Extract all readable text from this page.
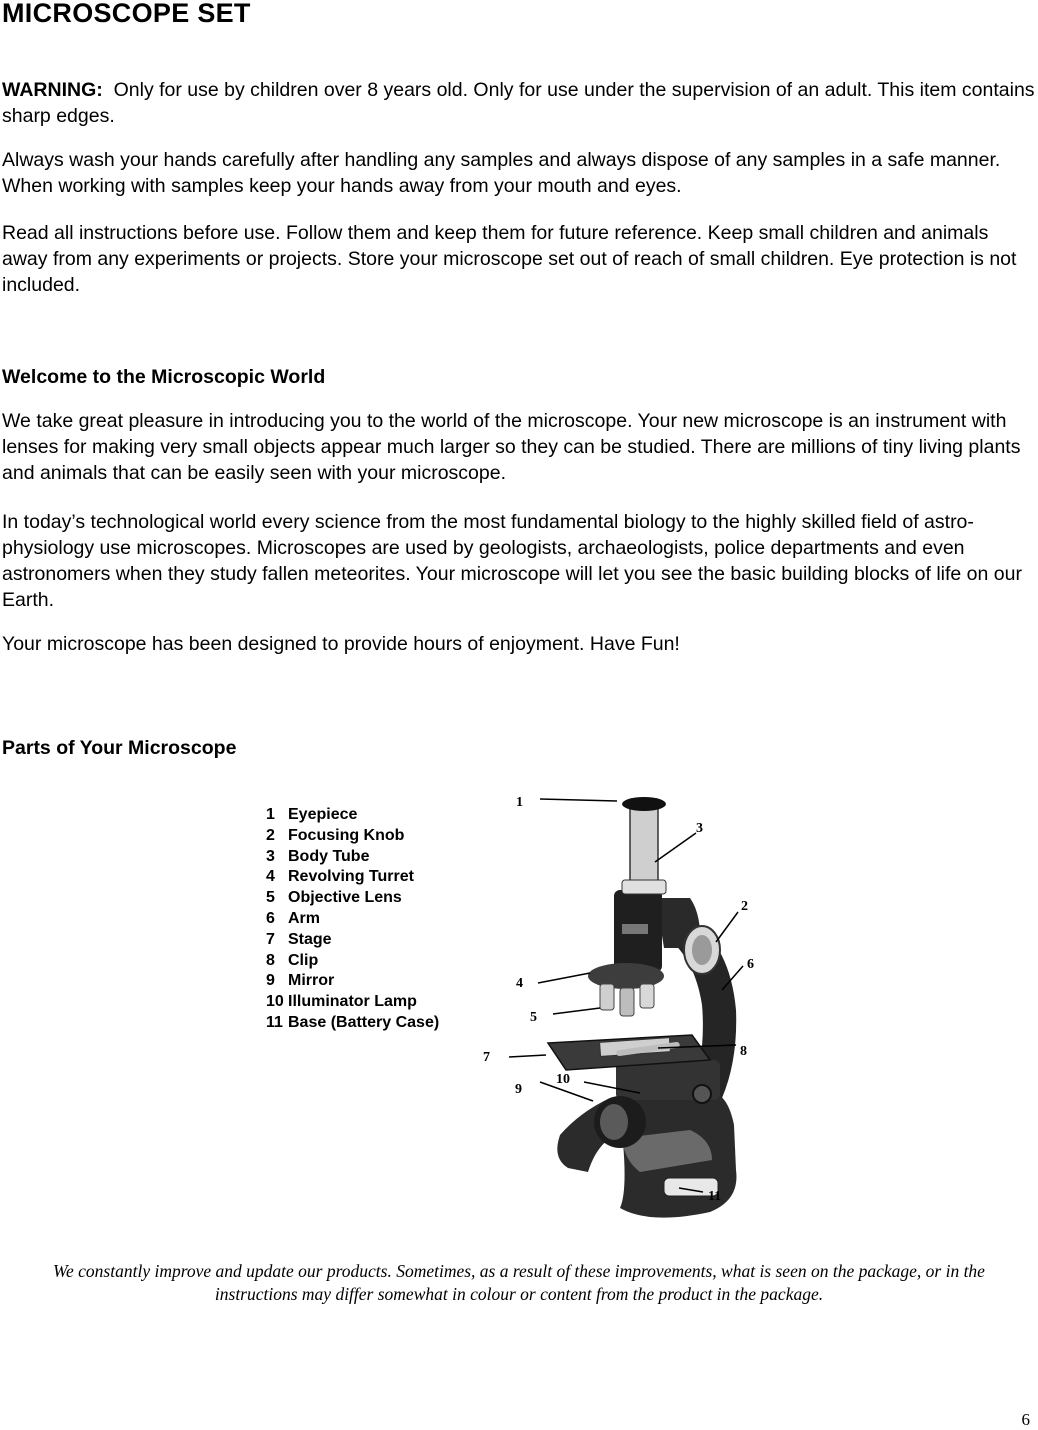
MICROSCOPE SET

WARNING: Only for use by children over 8 years old. Only for use under the supervision of an adult. This item contains sharp edges.

Always wash your hands carefully after handling any samples and always dispose of any samples in a safe manner. When working with samples keep your hands away from your mouth and eyes.

Read all instructions before use. Follow them and keep them for future reference. Keep small children and animals away from any experiments or projects. Store your microscope set out of reach of small children. Eye protection is not included.

Welcome to the Microscopic World

We take great pleasure in introducing you to the world of the microscope. Your new microscope is an instrument with lenses for making very small objects appear much larger so they can be studied. There are millions of tiny living plants and animals that can be easily seen with your microscope.

In today’s technological world every science from the most fundamental biology to the highly skilled field of astro-physiology use microscopes. Microscopes are used by geologists, archaeologists, police departments and even astronomers when they study fallen meteorites. Your microscope will let you see the basic building blocks of life on our Earth.

Your microscope has been designed to provide hours of enjoyment. Have Fun!

Parts of Your Microscope
1 Eyepiece
2 Focusing Knob
3 Body Tube
4 Revolving Turret
5 Objective Lens
6 Arm
7 Stage
8 Clip
9 Mirror
10 Illuminator Lamp
11 Base (Battery Case)
1
2
3
4
5
6
7	8
9
10
11

We constantly improve and update our products. Sometimes, as a result of these improvements, what is seen on the package, or in the instructions may differ somewhat in colour or content from the product in the package.

6
